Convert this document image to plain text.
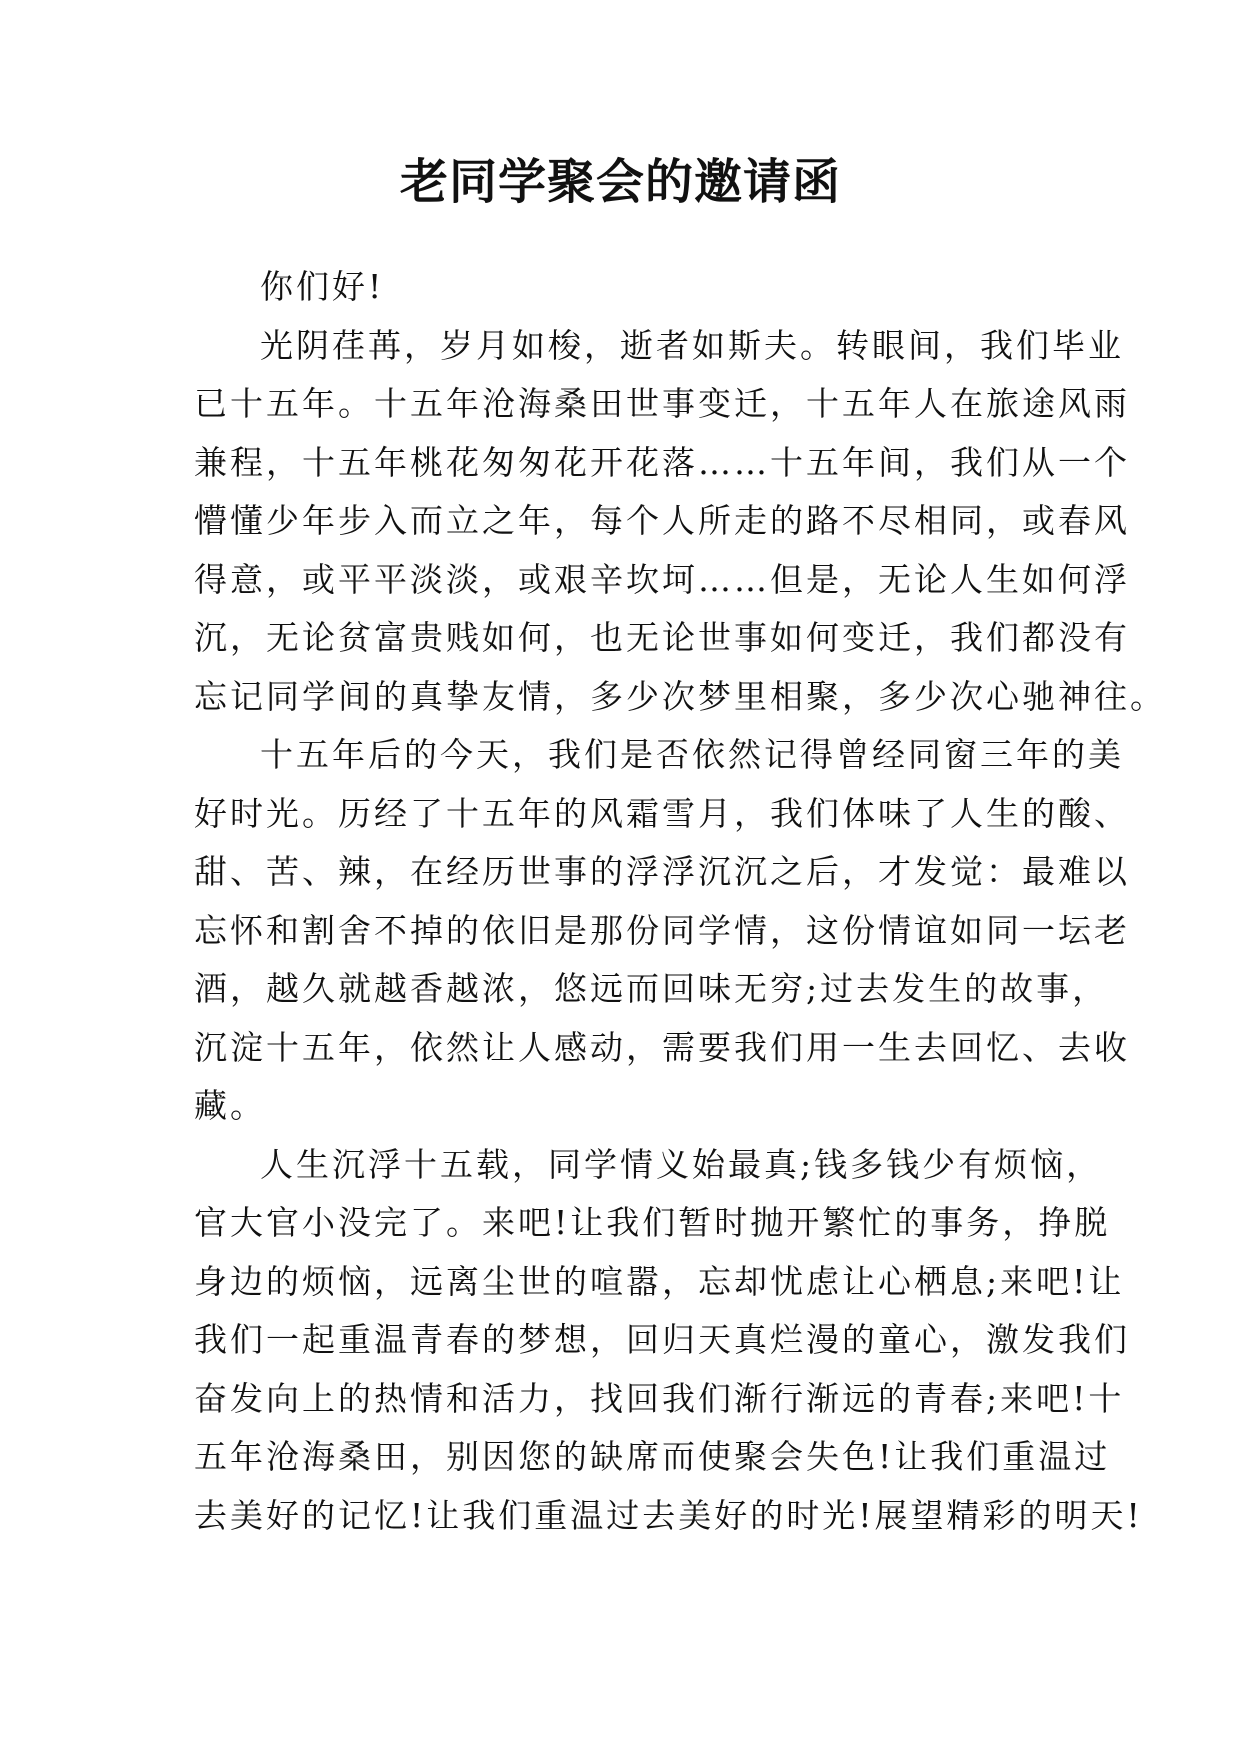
老同学聚会的邀请函
你们好!
光阴荏苒，岁月如梭，逝者如斯夫。转眼间，我们毕业
已十五年。十五年沧海桑田世事变迁，十五年人在旅途风雨
兼程，十五年桃花匆匆花开花落……十五年间，我们从一个
懵懂少年步入而立之年，每个人所走的路不尽相同，或春风
得意，或平平淡淡，或艰辛坎坷……但是，无论人生如何浮
沉，无论贫富贵贱如何，也无论世事如何变迁，我们都没有
忘记同学间的真挚友情，多少次梦里相聚，多少次心驰神往。
十五年后的今天，我们是否依然记得曾经同窗三年的美
好时光。历经了十五年的风霜雪月，我们体味了人生的酸、
甜、苦、辣，在经历世事的浮浮沉沉之后，才发觉：最难以
忘怀和割舍不掉的依旧是那份同学情，这份情谊如同一坛老
酒，越久就越香越浓，悠远而回味无穷;过去发生的故事，
沉淀十五年，依然让人感动，需要我们用一生去回忆、去收
藏。
人生沉浮十五载，同学情义始最真;钱多钱少有烦恼，
官大官小没完了。来吧!让我们暂时抛开繁忙的事务，挣脱
身边的烦恼，远离尘世的喧嚣，忘却忧虑让心栖息;来吧!让
我们一起重温青春的梦想，回归天真烂漫的童心，激发我们
奋发向上的热情和活力，找回我们渐行渐远的青春;来吧!十
五年沧海桑田，别因您的缺席而使聚会失色!让我们重温过
去美好的记忆!让我们重温过去美好的时光!展望精彩的明天!
